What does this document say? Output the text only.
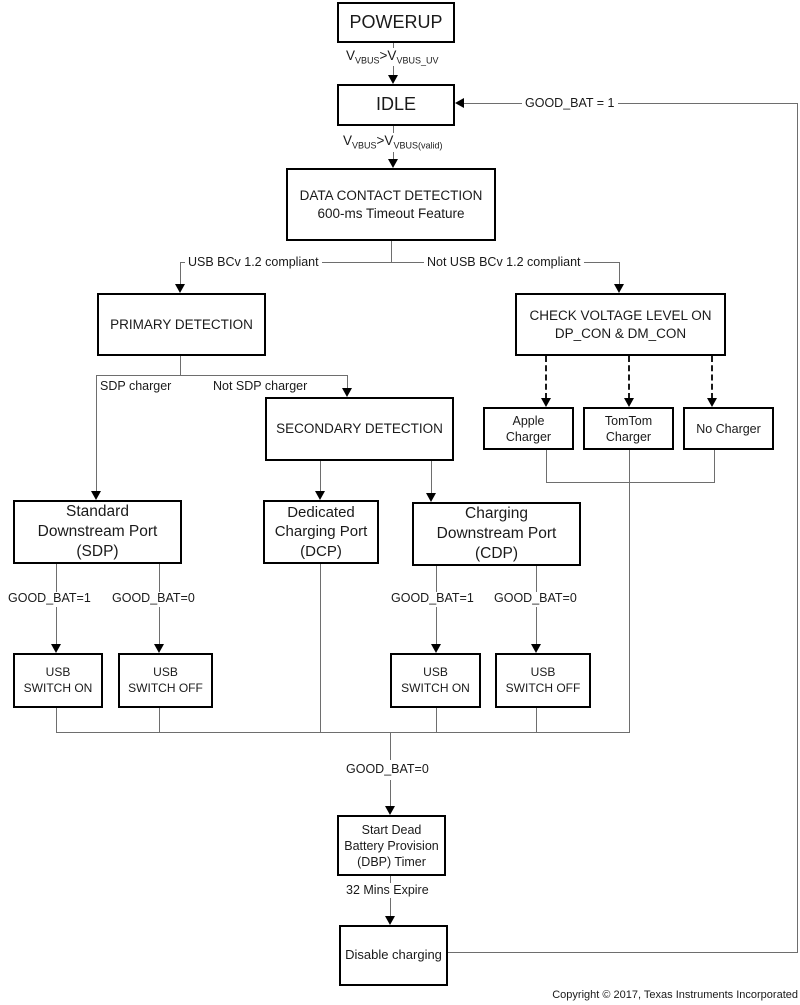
POWERUP
IDLE
DATA CONTACT DETECTION
600-ms Timeout Feature
PRIMARY DETECTION
CHECK VOLTAGE LEVEL ON
DP_CON & DM_CON
SECONDARY DETECTION
Apple
Charger
TomTom
Charger
No Charger
Standard
Downstream Port
(SDP)
Dedicated
Charging Port
(DCP)
Charging
Downstream Port
(CDP)
USB
SWITCH ON
USB
SWITCH OFF
USB
SWITCH ON
USB
SWITCH OFF
Start Dead
Battery Provision
(DBP) Timer
Disable charging
$V_{VBUS}>V_{VBUS\_UV}$
$V_{VBUS}>V_{VBUS(valid)}$
GOOD_BAT = 1
USB BCv 1.2 compliant	Not USB BCv 1.2 compliant
SDP charger	Not SDP charger
GOOD_BAT=1 GOOD_BAT=0	GOOD_BAT=1 GOOD_BAT=0
GOOD_BAT=0
32 Mins Expire
Copyright © 2017, Texas Instruments Incorporated
